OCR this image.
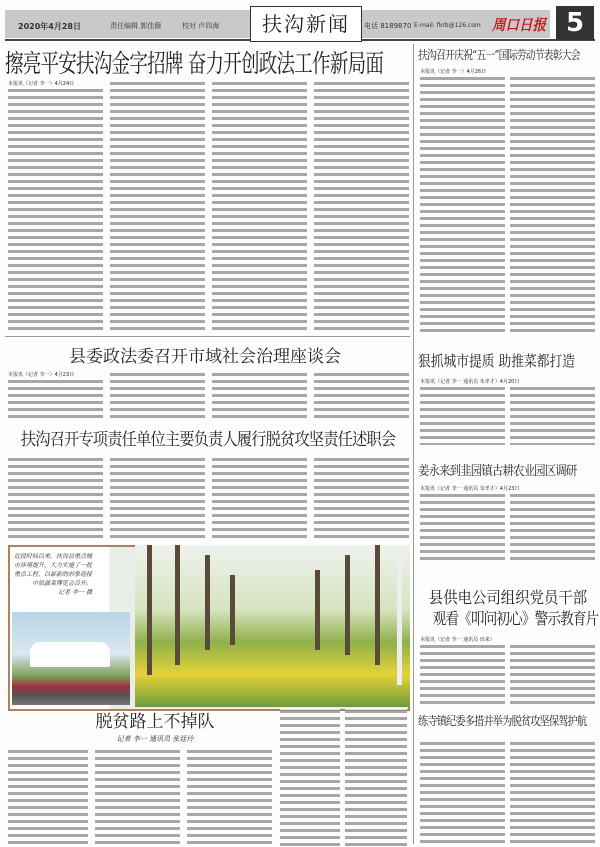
2020年4月28日	责任编辑 郭佳薇	校对 卢四海	扶沟新闻	电话 8189870 E-mail: fkrb@126.com 周口日报 5
擦亮平安扶沟金字招牌 奋力开创政法工作新局面
本报讯（记者 李一）4月24日
县委政法委召开市域社会治理座谈会
本报讯（记者 李一）4月23日
扶沟召开专项责任单位主要负责人履行脱贫攻坚责任述职会
近段时间以来，扶沟县重点城市环境提升，大力实施了一批重点工程，以崭新的形象迎接中原蔬菜博览会召开。
记者 李一 摄
脱贫路上不掉队
记者 李一 通讯员 张廷玲
扶沟召开庆祝“五一”国际劳动节表彰大会
本报讯（记者 李一）4月26日
狠抓城市提质 助推菜都打造
本报讯（记者 李一 通讯员 朱孝才）4月20日
姜永来到韭园镇古耕农业园区调研
本报讯（记者 李一 通讯员 朱孝才）4月23日
县供电公司组织党员干部
观看《叩问初心》警示教育片
本报讯（记者 李一 通讯员 田来）
练寺镇纪委多措并举为脱贫攻坚保驾护航
